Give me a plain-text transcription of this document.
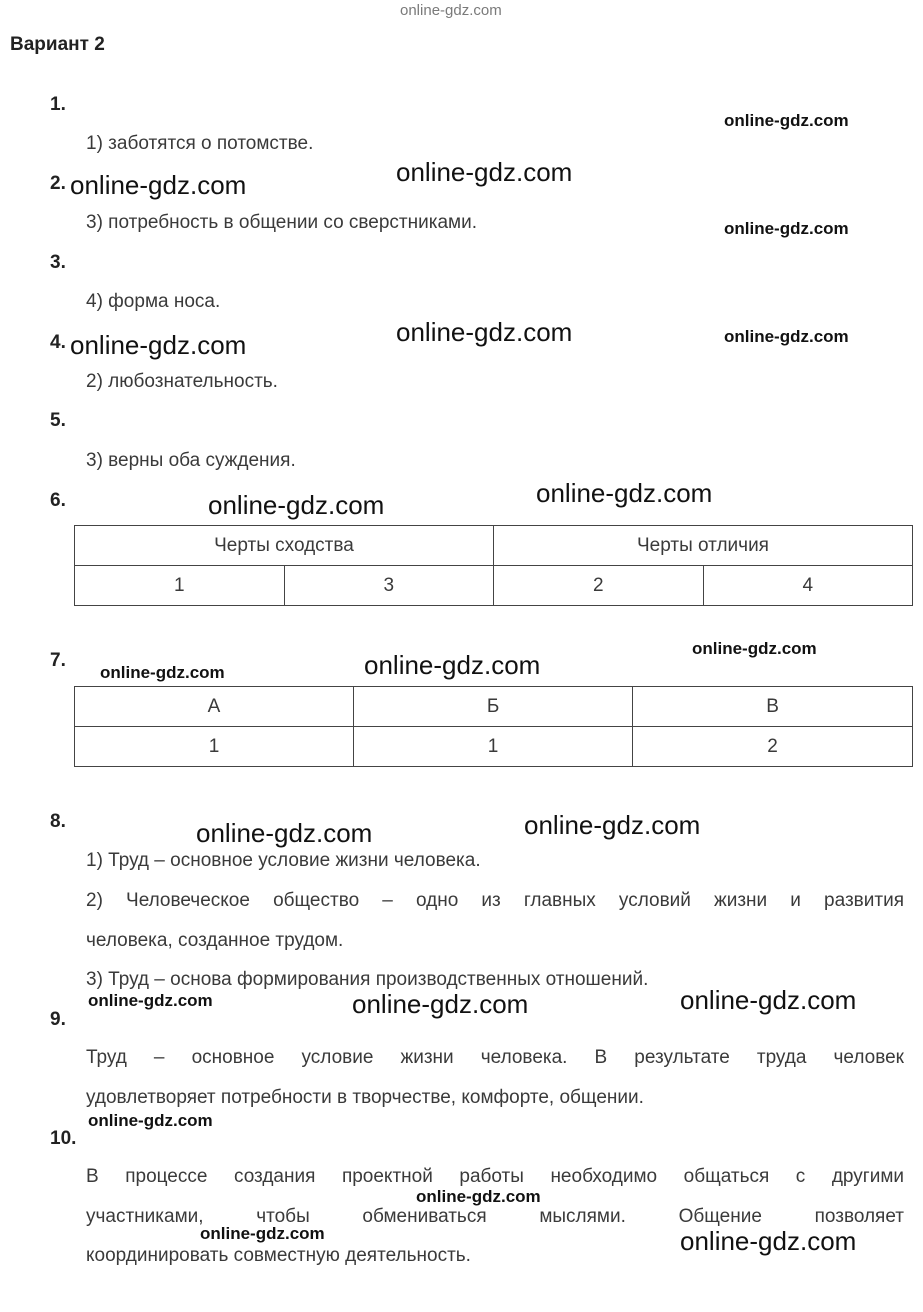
online-gdz.com
online-gdz.com
online-gdz.com
online-gdz.com
online-gdz.com
online-gdz.com
online-gdz.com	online-gdz.com
online-gdz.com
online-gdz.com
online-gdz.com
online-gdz.com
online-gdz.com
online-gdz.com
online-gdz.com
online-gdz.com	online-gdz.com	online-gdz.com
online-gdz.com
online-gdz.com
online-gdz.com	online-gdz.com
Вариант 2
1.
1) заботятся о потомстве.
2.
3) потребность в общении со сверстниками.
3.
4) форма носа.
4.
2) любознательность.
5.
3) верны оба суждения.
6.
Черты сходства		Черты отличия	
1	3	2	4
7.
А	Б	В
1	1	2
8.
1) Труд – основное условие жизни человека.
2) Человеческое общество – одно из главных условий жизни и развития
человека, созданное трудом.
3) Труд – основа формирования производственных отношений.
9.
Труд – основное условие жизни человека. В результате труда человек
удовлетворяет потребности в творчестве, комфорте, общении.
10.
В процессе создания проектной работы необходимо общаться с другими
участниками, чтобы обмениваться мыслями. Общение позволяет
координировать совместную деятельность.
